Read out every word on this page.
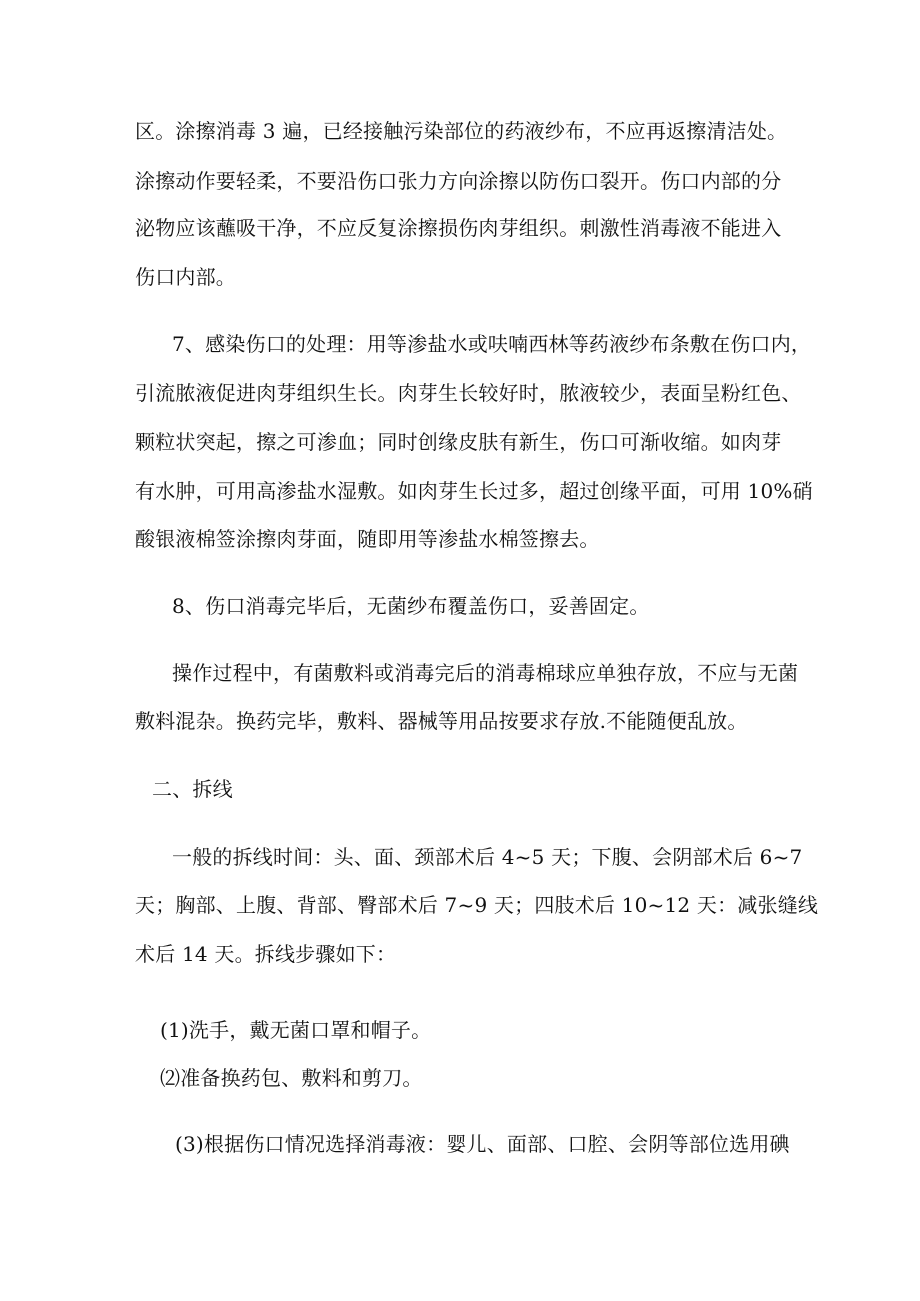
区。涂擦消毒 3 遍，已经接触污染部位的药液纱布，不应再返擦清洁处。
涂擦动作要轻柔，不要沿伤口张力方向涂擦以防伤口裂开。伤口内部的分
泌物应该蘸吸干净，不应反复涂擦损伤肉芽组织。刺激性消毒液不能进入
伤口内部。
7、感染伤口的处理：用等渗盐水或呋喃西林等药液纱布条敷在伤口内，
引流脓液促进肉芽组织生长。肉芽生长较好时，脓液较少，表面呈粉红色、
颗粒状突起，擦之可渗血；同时创缘皮肤有新生，伤口可渐收缩。如肉芽
有水肿，可用高渗盐水湿敷。如肉芽生长过多，超过创缘平面，可用 10%硝
酸银液棉签涂擦肉芽面，随即用等渗盐水棉签擦去。
8、伤口消毒完毕后，无菌纱布覆盖伤口，妥善固定。
操作过程中，有菌敷料或消毒完后的消毒棉球应单独存放，不应与无菌
敷料混杂。换药完毕，敷料、器械等用品按要求存放.不能随便乱放。
二、拆线
一般的拆线时间：头、面、颈部术后 4~5 天；下腹、会阴部术后 6~7
天；胸部、上腹、背部、臀部术后 7~9 天；四肢术后 10~12 天：减张缝线
术后 14 天。拆线步骤如下：
(1)洗手，戴无菌口罩和帽子。
⑵准备换药包、敷料和剪刀。
(3)根据伤口情况选择消毒液：婴儿、面部、口腔、会阴等部位选用碘
